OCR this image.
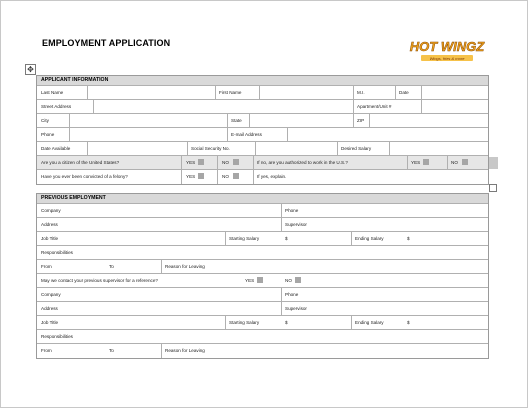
EMPLOYMENT APPLICATION	HOT WINGZ
Wings, fries & more
✥
APPLICANT INFORMATION
Last Name	First Name	M.I.	Date
Street Address	Apartment/Unit #
City	State	ZIP
Phone	E-mail Address
Date Available	Social Security No.	Desired Salary
Are you a citizen of the United States?	YES	NO	If no, are you authorized to work in the U.S.?	YES	NO
Have you ever been convicted of a felony?	YES	NO	If yes, explain.
PREVIOUS EMPLOYMENT
Company	Phone
Address	Supervisor
Job Title	Starting Salary	$	Ending Salary	$
Responsibilities
From	To	Reason for Leaving
May we contact your previous supervisor for a reference?	YES	NO
Company	Phone
Address	Supervisor
Job Title	Starting Salary	$	Ending Salary	$
Responsibilities
From	To	Reason for Leaving
